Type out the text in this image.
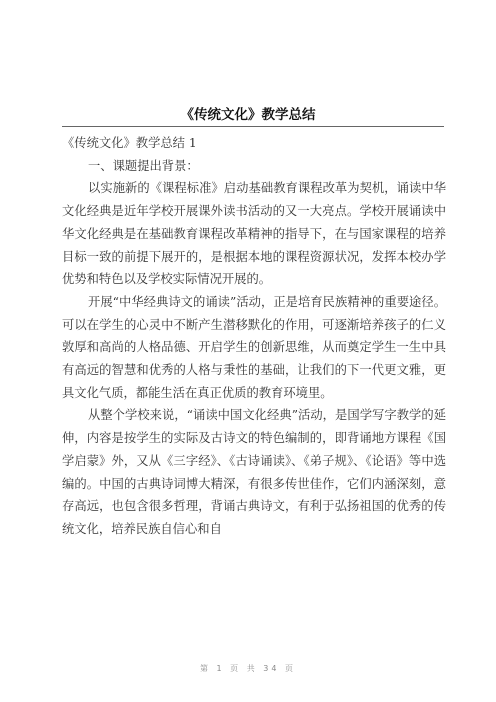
《传统文化》教学总结

《传统文化》教学总结 1

一、课题提出背景：

以实施新的《课程标准》启动基础教育课程改革为契机，诵读中华文化经典是近年学校开展课外读书活动的又一大亮点。学校开展诵读中华文化经典是在基础教育课程改革精神的指导下，在与国家课程的培养目标一致的前提下展开的，是根据本地的课程资源状况，发挥本校办学优势和特色以及学校实际情况开展的。

开展“中华经典诗文的诵读”活动，正是培育民族精神的重要途径。可以在学生的心灵中不断产生潜移默化的作用，可逐渐培养孩子的仁义敦厚和高尚的人格品德、开启学生的创新思维，从而奠定学生一生中具有高远的智慧和优秀的人格与秉性的基础，让我们的下一代更文雅，更具文化气质，都能生活在真正优质的教育环境里。

从整个学校来说，“诵读中国文化经典”活动，是国学写字教学的延伸，内容是按学生的实际及古诗文的特色编制的，即背诵地方课程《国学启蒙》外，又从《三字经》、《古诗诵读》、《弟子规》、《论语》等中选编的。中国的古典诗词博大精深，有很多传世佳作，它们内涵深刻，意存高远，也包含很多哲理，背诵古典诗文，有利于弘扬祖国的优秀的传统文化，培养民族自信心和自

第 1 页 共 34 页
